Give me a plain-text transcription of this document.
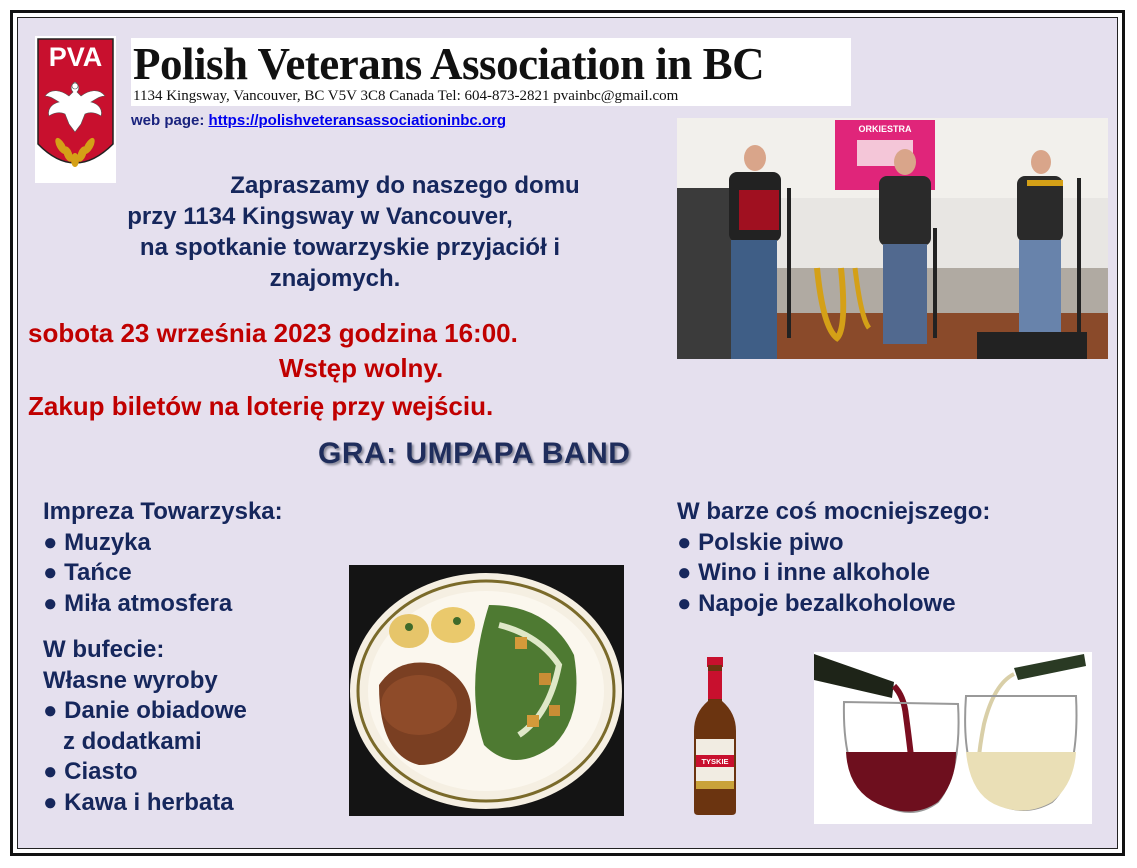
PVA Polish Veterans Association in BC
1134 Kingsway, Vancouver, BC V5V 3C8 Canada Tel: 604-873-2821 pvainbc@gmail.com
web page: https://polishveteransassociationinbc.org
Zapraszamy do naszego domu
przy 1134 Kingsway w Vancouver,
na spotkanie towarzyskie przyjaciół i
znajomych.
sobota 23 września 2023 godzina 16:00.
Wstęp wolny.
Zakup biletów na loterię przy wejściu.
ORKIESTRA
GRA: UMPAPA BAND
Impreza Towarzyska:
● Muzyka
● Tańce
● Miła atmosfera
W bufecie:
Własne wyroby
● Danie obiadowe
z dodatkami
● Ciasto
● Kawa i herbata
W barze coś mocniejszego:
● Polskie piwo
● Wino i inne alkohole
● Napoje bezalkoholowe
TYSKIE
